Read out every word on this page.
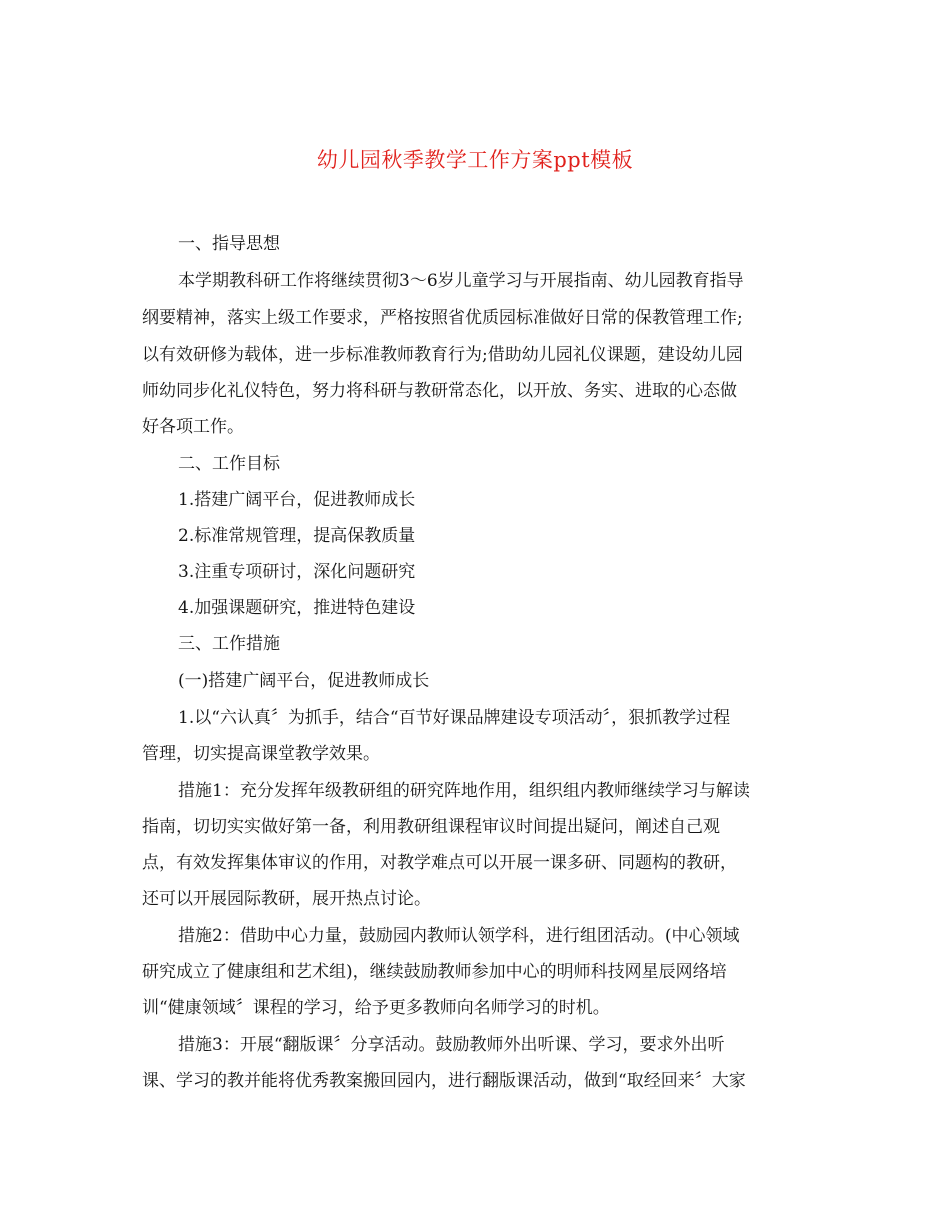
幼儿园秋季教学工作方案ppt模板
一、指导思想
本学期教科研工作将继续贯彻3～6岁儿童学习与开展指南、幼儿园教育指导
纲要精神，落实上级工作要求，严格按照省优质园标准做好日常的保教管理工作;
以有效研修为载体，进一步标准教师教育行为;借助幼儿园礼仪课题，建设幼儿园
师幼同步化礼仪特色，努力将科研与教研常态化，以开放、务实、进取的心态做
好各项工作。
二、工作目标
1.搭建广阔平台，促进教师成长
2.标准常规管理，提高保教质量
3.注重专项研讨，深化问题研究
4.加强课题研究，推进特色建设
三、工作措施
(一)搭建广阔平台，促进教师成长
1.以“六认真〞为抓手，结合“百节好课品牌建设专项活动〞，狠抓教学过程
管理，切实提高课堂教学效果。
措施1：充分发挥年级教研组的研究阵地作用，组织组内教师继续学习与解读
指南，切切实实做好第一备，利用教研组课程审议时间提出疑问，阐述自己观
点，有效发挥集体审议的作用，对教学难点可以开展一课多研、同题构的教研，
还可以开展园际教研，展开热点讨论。
措施2：借助中心力量，鼓励园内教师认领学科，进行组团活动。(中心领域
研究成立了健康组和艺术组)，继续鼓励教师参加中心的明师科技网星辰网络培
训“健康领域〞课程的学习，给予更多教师向名师学习的时机。
措施3：开展“翻版课〞分享活动。鼓励教师外出听课、学习，要求外出听
课、学习的教并能将优秀教案搬回园内，进行翻版课活动，做到“取经回来〞大家
